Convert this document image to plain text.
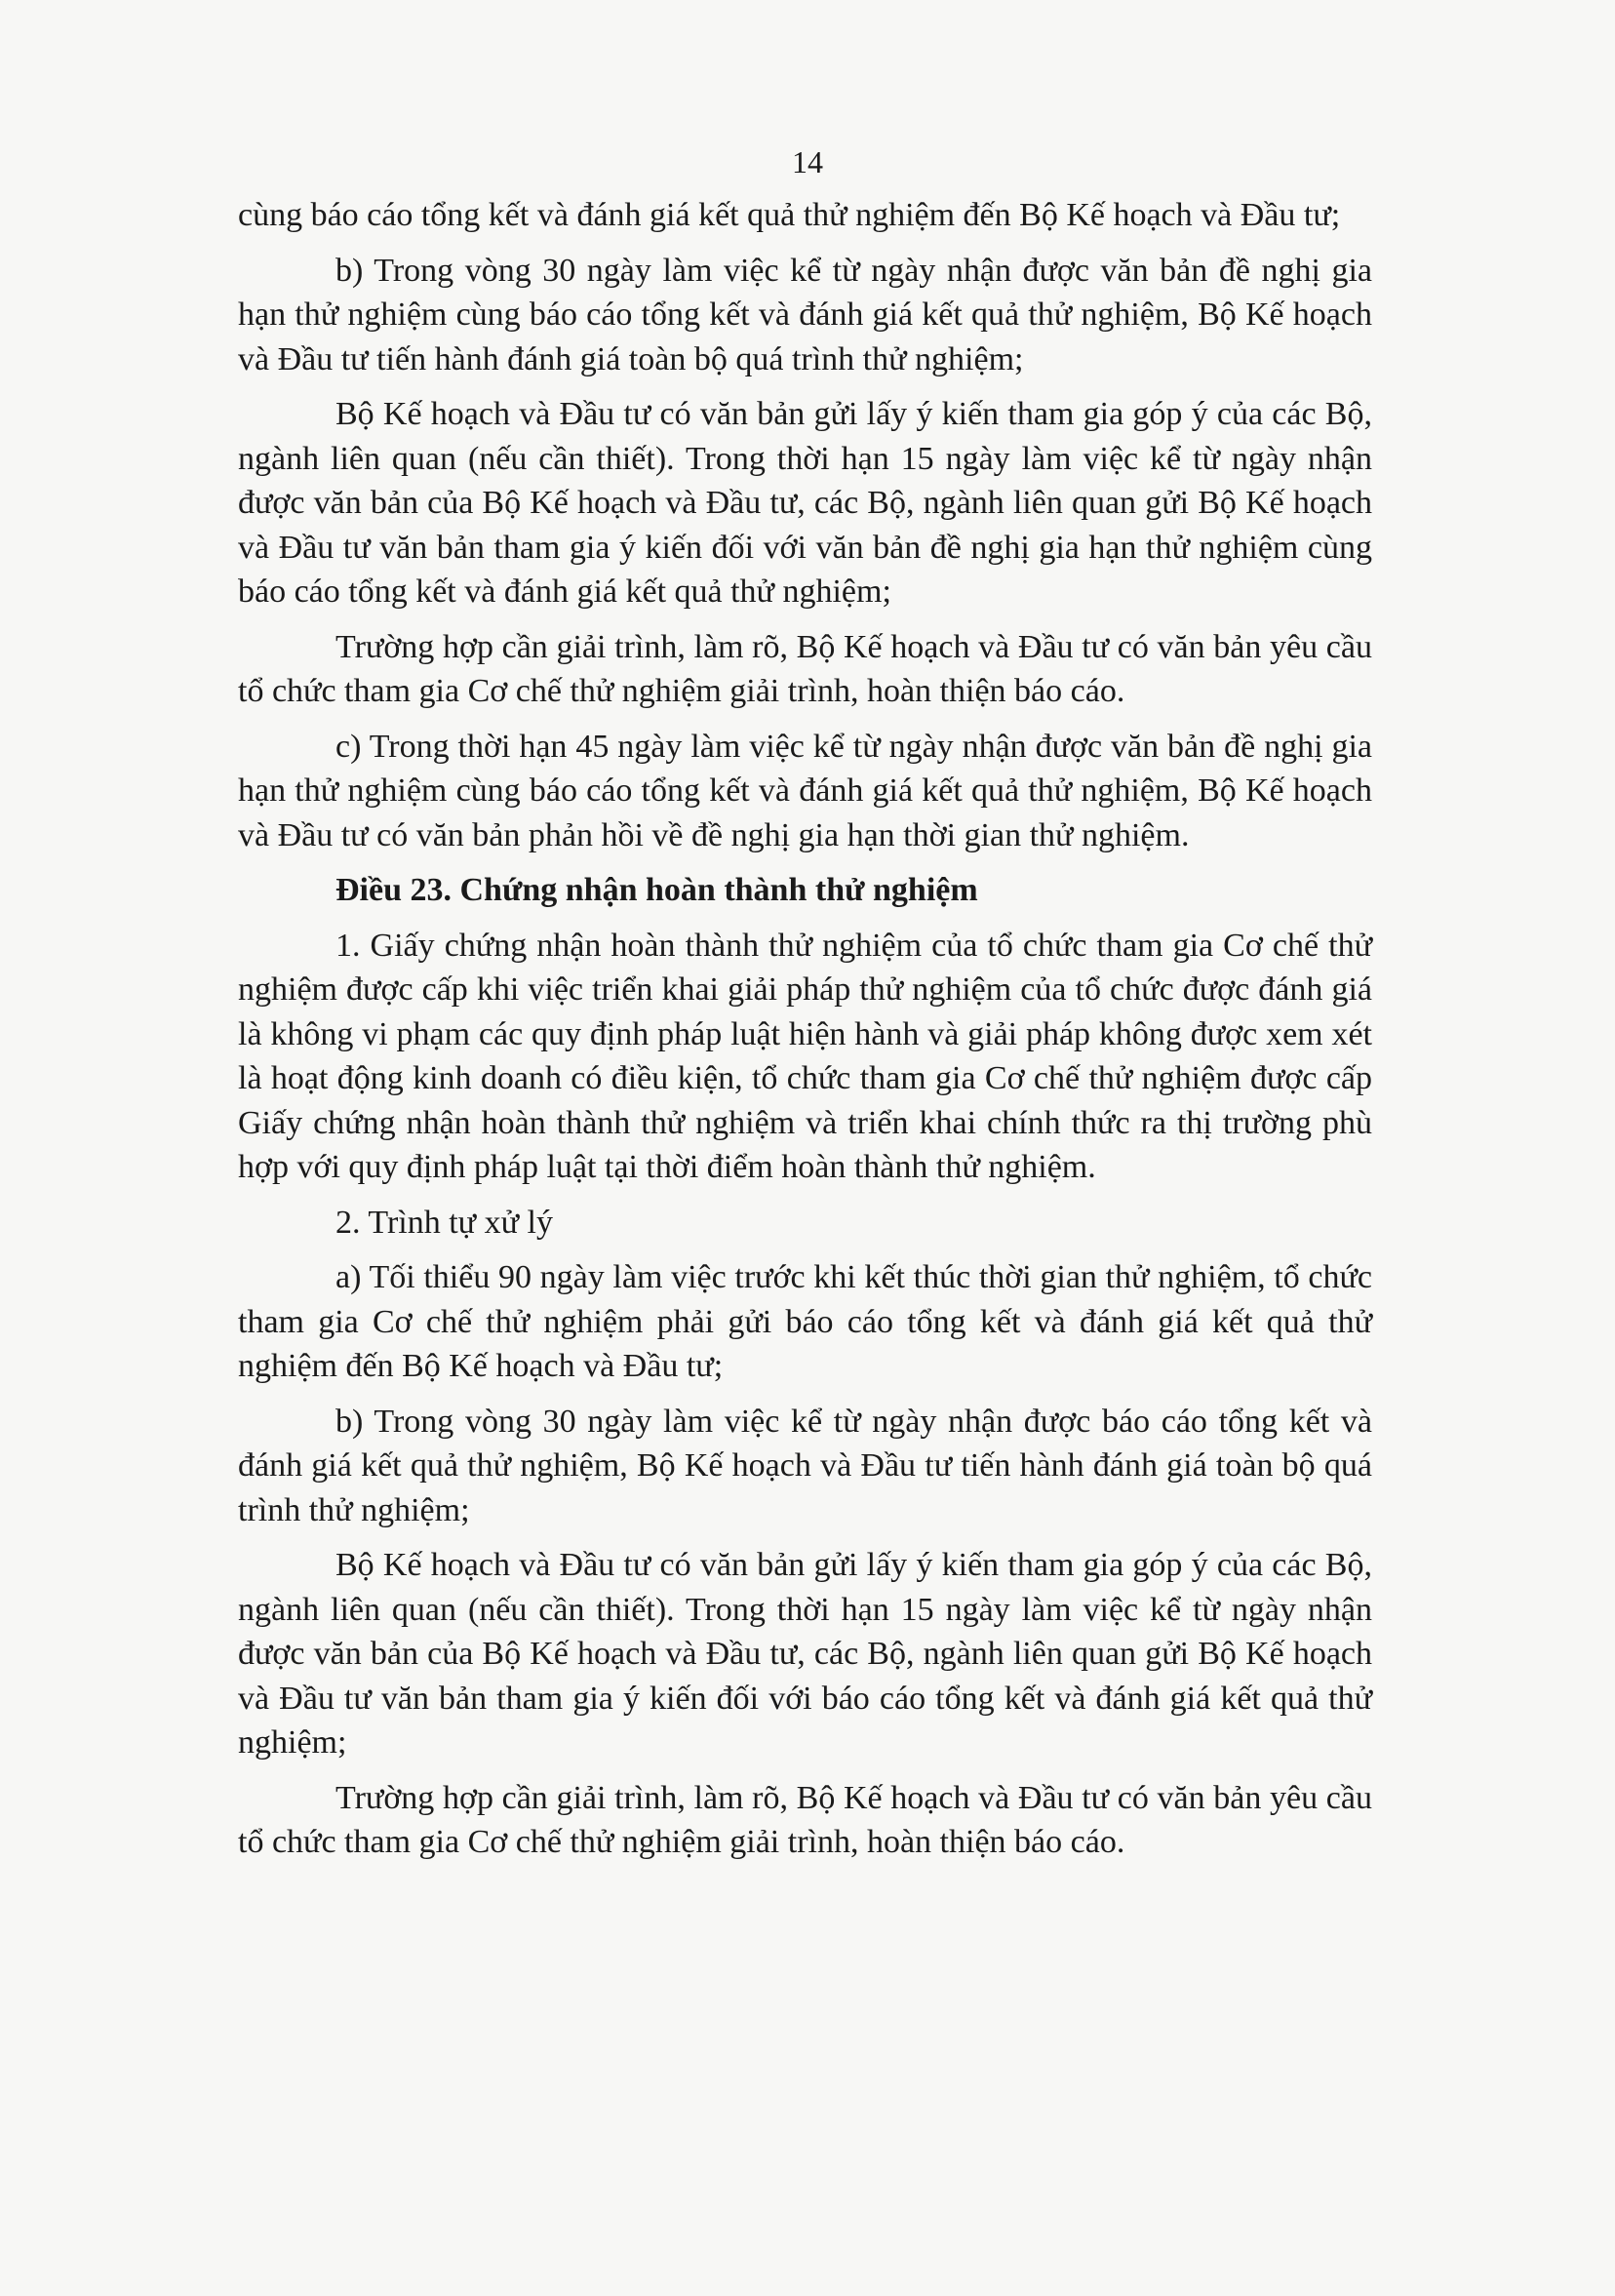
14

cùng báo cáo tổng kết và đánh giá kết quả thử nghiệm đến Bộ Kế hoạch và Đầu tư;

b) Trong vòng 30 ngày làm việc kể từ ngày nhận được văn bản đề nghị gia hạn thử nghiệm cùng báo cáo tổng kết và đánh giá kết quả thử nghiệm, Bộ Kế hoạch và Đầu tư tiến hành đánh giá toàn bộ quá trình thử nghiệm;

Bộ Kế hoạch và Đầu tư có văn bản gửi lấy ý kiến tham gia góp ý của các Bộ, ngành liên quan (nếu cần thiết). Trong thời hạn 15 ngày làm việc kể từ ngày nhận được văn bản của Bộ Kế hoạch và Đầu tư, các Bộ, ngành liên quan gửi Bộ Kế hoạch và Đầu tư văn bản tham gia ý kiến đối với văn bản đề nghị gia hạn thử nghiệm cùng báo cáo tổng kết và đánh giá kết quả thử nghiệm;

Trường hợp cần giải trình, làm rõ, Bộ Kế hoạch và Đầu tư có văn bản yêu cầu tổ chức tham gia Cơ chế thử nghiệm giải trình, hoàn thiện báo cáo.

c) Trong thời hạn 45 ngày làm việc kể từ ngày nhận được văn bản đề nghị gia hạn thử nghiệm cùng báo cáo tổng kết và đánh giá kết quả thử nghiệm, Bộ Kế hoạch và Đầu tư có văn bản phản hồi về đề nghị gia hạn thời gian thử nghiệm.

Điều 23. Chứng nhận hoàn thành thử nghiệm

1. Giấy chứng nhận hoàn thành thử nghiệm của tổ chức tham gia Cơ chế thử nghiệm được cấp khi việc triển khai giải pháp thử nghiệm của tổ chức được đánh giá là không vi phạm các quy định pháp luật hiện hành và giải pháp không được xem xét là hoạt động kinh doanh có điều kiện, tổ chức tham gia Cơ chế thử nghiệm được cấp Giấy chứng nhận hoàn thành thử nghiệm và triển khai chính thức ra thị trường phù hợp với quy định pháp luật tại thời điểm hoàn thành thử nghiệm.

2. Trình tự xử lý

a) Tối thiểu 90 ngày làm việc trước khi kết thúc thời gian thử nghiệm, tổ chức tham gia Cơ chế thử nghiệm phải gửi báo cáo tổng kết và đánh giá kết quả thử nghiệm đến Bộ Kế hoạch và Đầu tư;

b) Trong vòng 30 ngày làm việc kể từ ngày nhận được báo cáo tổng kết và đánh giá kết quả thử nghiệm, Bộ Kế hoạch và Đầu tư tiến hành đánh giá toàn bộ quá trình thử nghiệm;

Bộ Kế hoạch và Đầu tư có văn bản gửi lấy ý kiến tham gia góp ý của các Bộ, ngành liên quan (nếu cần thiết). Trong thời hạn 15 ngày làm việc kể từ ngày nhận được văn bản của Bộ Kế hoạch và Đầu tư, các Bộ, ngành liên quan gửi Bộ Kế hoạch và Đầu tư văn bản tham gia ý kiến đối với báo cáo tổng kết và đánh giá kết quả thử nghiệm;

Trường hợp cần giải trình, làm rõ, Bộ Kế hoạch và Đầu tư có văn bản yêu cầu tổ chức tham gia Cơ chế thử nghiệm giải trình, hoàn thiện báo cáo.
